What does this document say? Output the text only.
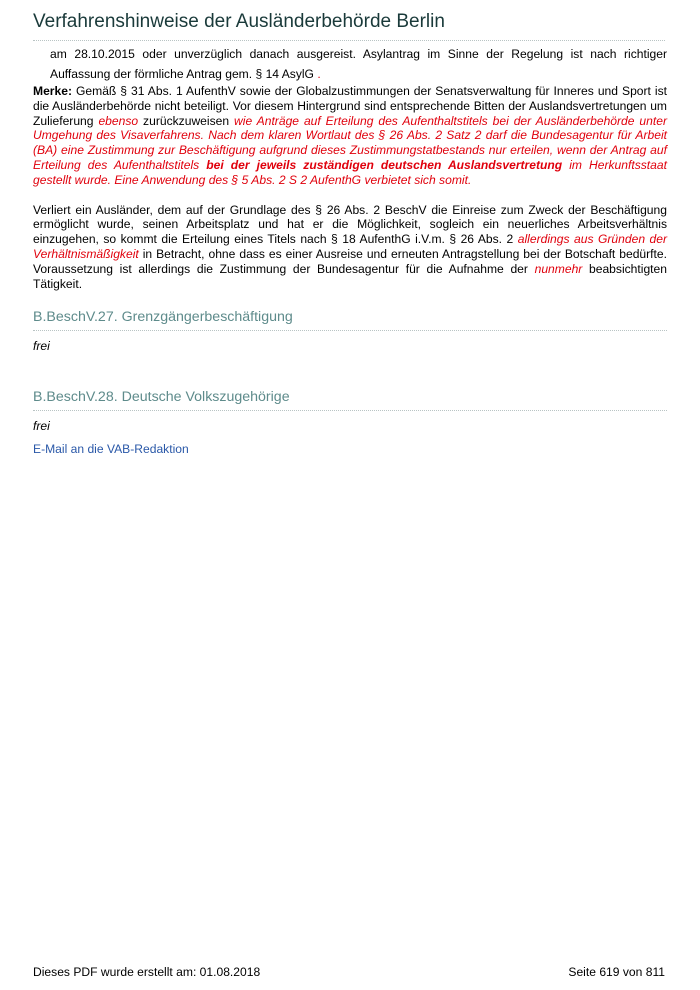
Verfahrenshinweise der Ausländerbehörde Berlin
am 28.10.2015 oder unverzüglich danach ausgereist. Asylantrag im Sinne der Regelung ist nach richtiger Auffassung der förmliche Antrag gem. § 14 AsylG .
Merke: Gemäß § 31 Abs. 1 AufenthV sowie der Globalzustimmungen der Senatsverwaltung für Inneres und Sport ist die Ausländerbehörde nicht beteiligt. Vor diesem Hintergrund sind entsprechende Bitten der Auslandsvertretungen um Zulieferung ebenso zurückzuweisen wie Anträge auf Erteilung des Aufenthaltstitels bei der Ausländerbehörde unter Umgehung des Visaverfahrens. Nach dem klaren Wortlaut des § 26 Abs. 2 Satz 2 darf die Bundesagentur für Arbeit (BA) eine Zustimmung zur Beschäftigung aufgrund dieses Zustimmungstatbestands nur erteilen, wenn der Antrag auf Erteilung des Aufenthaltstitels bei der jeweils zuständigen deutschen Auslandsvertretung im Herkunftsstaat gestellt wurde. Eine Anwendung des § 5 Abs. 2 S 2 AufenthG verbietet sich somit.
Verliert ein Ausländer, dem auf der Grundlage des § 26 Abs. 2 BeschV die Einreise zum Zweck der Beschäftigung ermöglicht wurde, seinen Arbeitsplatz und hat er die Möglichkeit, sogleich ein neuerliches Arbeitsverhältnis einzugehen, so kommt die Erteilung eines Titels nach § 18 AufenthG i.V.m. § 26 Abs. 2 allerdings aus Gründen der Verhältnismäßigkeit in Betracht, ohne dass es einer Ausreise und erneuten Antragstellung bei der Botschaft bedürfte. Voraussetzung ist allerdings die Zustimmung der Bundesagentur für die Aufnahme der nunmehr beabsichtigten Tätigkeit.
B.BeschV.27. Grenzgängerbeschäftigung
frei
B.BeschV.28. Deutsche Volkszugehörige
frei
E-Mail an die VAB-Redaktion
Dieses PDF wurde erstellt am: 01.08.2018	Seite 619 von 811
